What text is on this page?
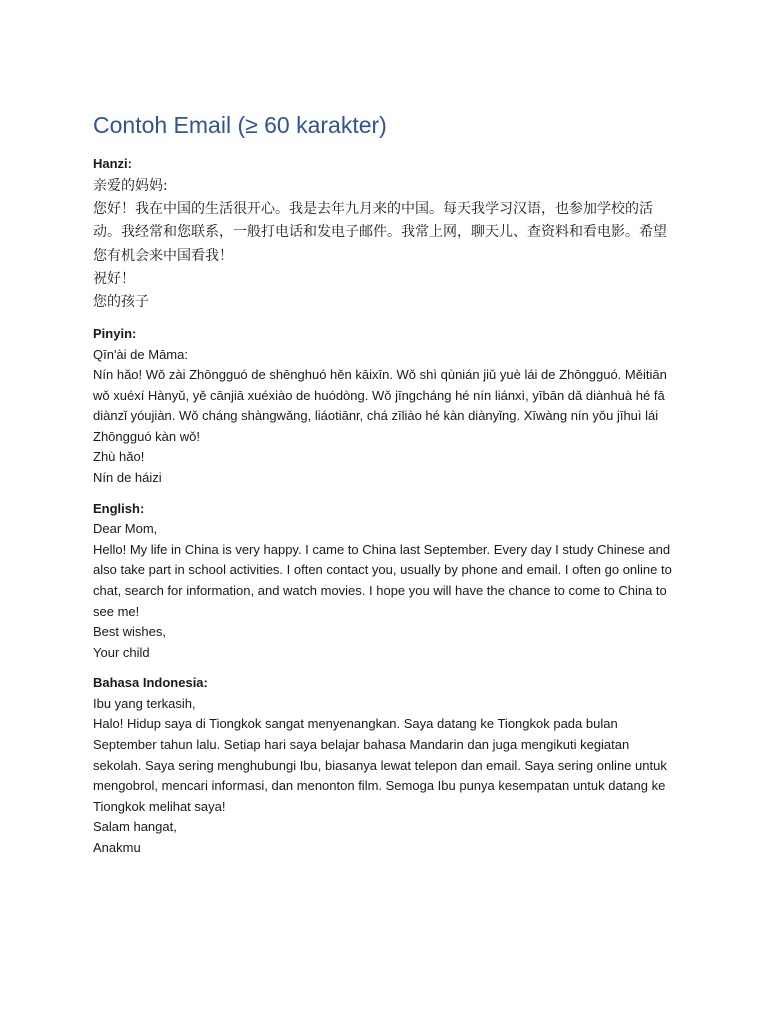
Contoh Email (≥ 60 karakter)

Hanzi:

亲爱的妈妈:

您好！我在中国的生活很开心。我是去年九月来的中国。每天我学习汉语，也参加学校的活动。我经常和您联系，一般打电话和发电子邮件。我常上网，聊天儿、查资料和看电影。希望您有机会来中国看我！

祝好！

您的孩子

Pinyin:

Qīn'ài de Māma:

Nín hǎo! Wǒ zài Zhōngguó de shēnghuó hěn kāixīn. Wǒ shì qùnián jiǔ yuè lái de Zhōngguó. Měitiān wǒ xuéxí Hànyǔ, yě cānjiā xuéxiào de huódòng. Wǒ jīngcháng hé nín liánxì, yībān dǎ diànhuà hé fā diànzǐ yóujiàn. Wǒ cháng shàngwǎng, liáotiānr, chá zīliào hé kàn diànyǐng. Xīwàng nín yǒu jīhuì lái Zhōngguó kàn wǒ!

Zhù hǎo!

Nín de háizi

English:

Dear Mom,

Hello! My life in China is very happy. I came to China last September. Every day I study Chinese and also take part in school activities. I often contact you, usually by phone and email. I often go online to chat, search for information, and watch movies. I hope you will have the chance to come to China to see me!

Best wishes,

Your child

Bahasa Indonesia:

Ibu yang terkasih,

Halo! Hidup saya di Tiongkok sangat menyenangkan. Saya datang ke Tiongkok pada bulan September tahun lalu. Setiap hari saya belajar bahasa Mandarin dan juga mengikuti kegiatan sekolah. Saya sering menghubungi Ibu, biasanya lewat telepon dan email. Saya sering online untuk mengobrol, mencari informasi, dan menonton film. Semoga Ibu punya kesempatan untuk datang ke Tiongkok melihat saya!

Salam hangat,

Anakmu
